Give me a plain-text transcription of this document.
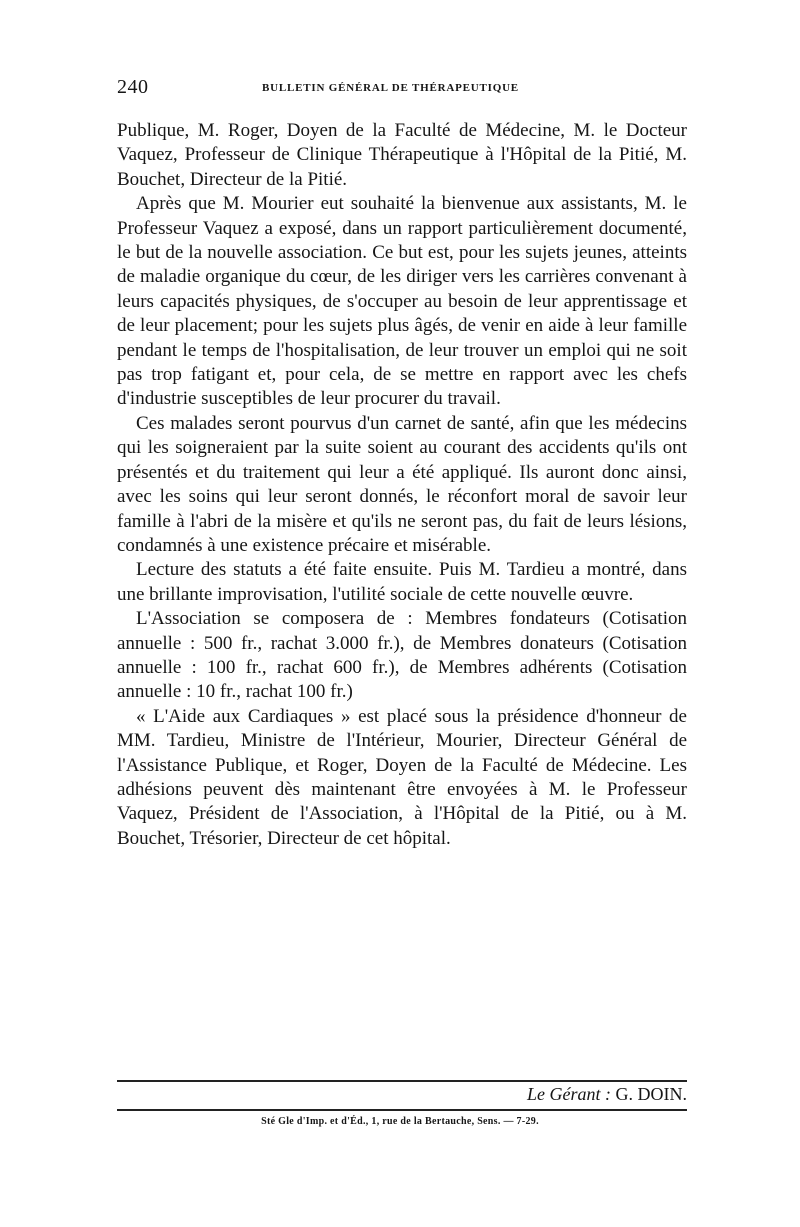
240	BULLETIN GÉNÉRAL DE THÉRAPEUTIQUE

Publique, M. Roger, Doyen de la Faculté de Médecine, M. le Docteur Vaquez, Professeur de Clinique Thérapeutique à l'Hôpital de la Pitié, M. Bouchet, Directeur de la Pitié.

Après que M. Mourier eut souhaité la bienvenue aux assistants, M. le Professeur Vaquez a exposé, dans un rapport particulièrement documenté, le but de la nouvelle association. Ce but est, pour les sujets jeunes, atteints de maladie organique du cœur, de les diriger vers les carrières convenant à leurs capacités physiques, de s'occuper au besoin de leur apprentissage et de leur placement; pour les sujets plus âgés, de venir en aide à leur famille pendant le temps de l'hospitalisation, de leur trouver un emploi qui ne soit pas trop fatigant et, pour cela, de se mettre en rapport avec les chefs d'industrie susceptibles de leur procurer du travail.

Ces malades seront pourvus d'un carnet de santé, afin que les médecins qui les soigneraient par la suite soient au courant des accidents qu'ils ont présentés et du traitement qui leur a été appliqué. Ils auront donc ainsi, avec les soins qui leur seront donnés, le réconfort moral de savoir leur famille à l'abri de la misère et qu'ils ne seront pas, du fait de leurs lésions, condamnés à une existence précaire et misérable.

Lecture des statuts a été faite ensuite. Puis M. Tardieu a montré, dans une brillante improvisation, l'utilité sociale de cette nouvelle œuvre.

L'Association se composera de : Membres fondateurs (Cotisation annuelle : 500 fr., rachat 3.000 fr.), de Membres donateurs (Cotisation annuelle : 100 fr., rachat 600 fr.), de Membres adhérents (Cotisation annuelle : 10 fr., rachat 100 fr.)

« L'Aide aux Cardiaques » est placé sous la présidence d'honneur de MM. Tardieu, Ministre de l'Intérieur, Mourier, Directeur Général de l'Assistance Publique, et Roger, Doyen de la Faculté de Médecine. Les adhésions peuvent dès maintenant être envoyées à M. le Professeur Vaquez, Président de l'Association, à l'Hôpital de la Pitié, ou à M. Bouchet, Trésorier, Directeur de cet hôpital.

Le Gérant : G. DOIN.
Sté Gle d'Imp. et d'Éd., 1, rue de la Bertauche, Sens. — 7-29.
